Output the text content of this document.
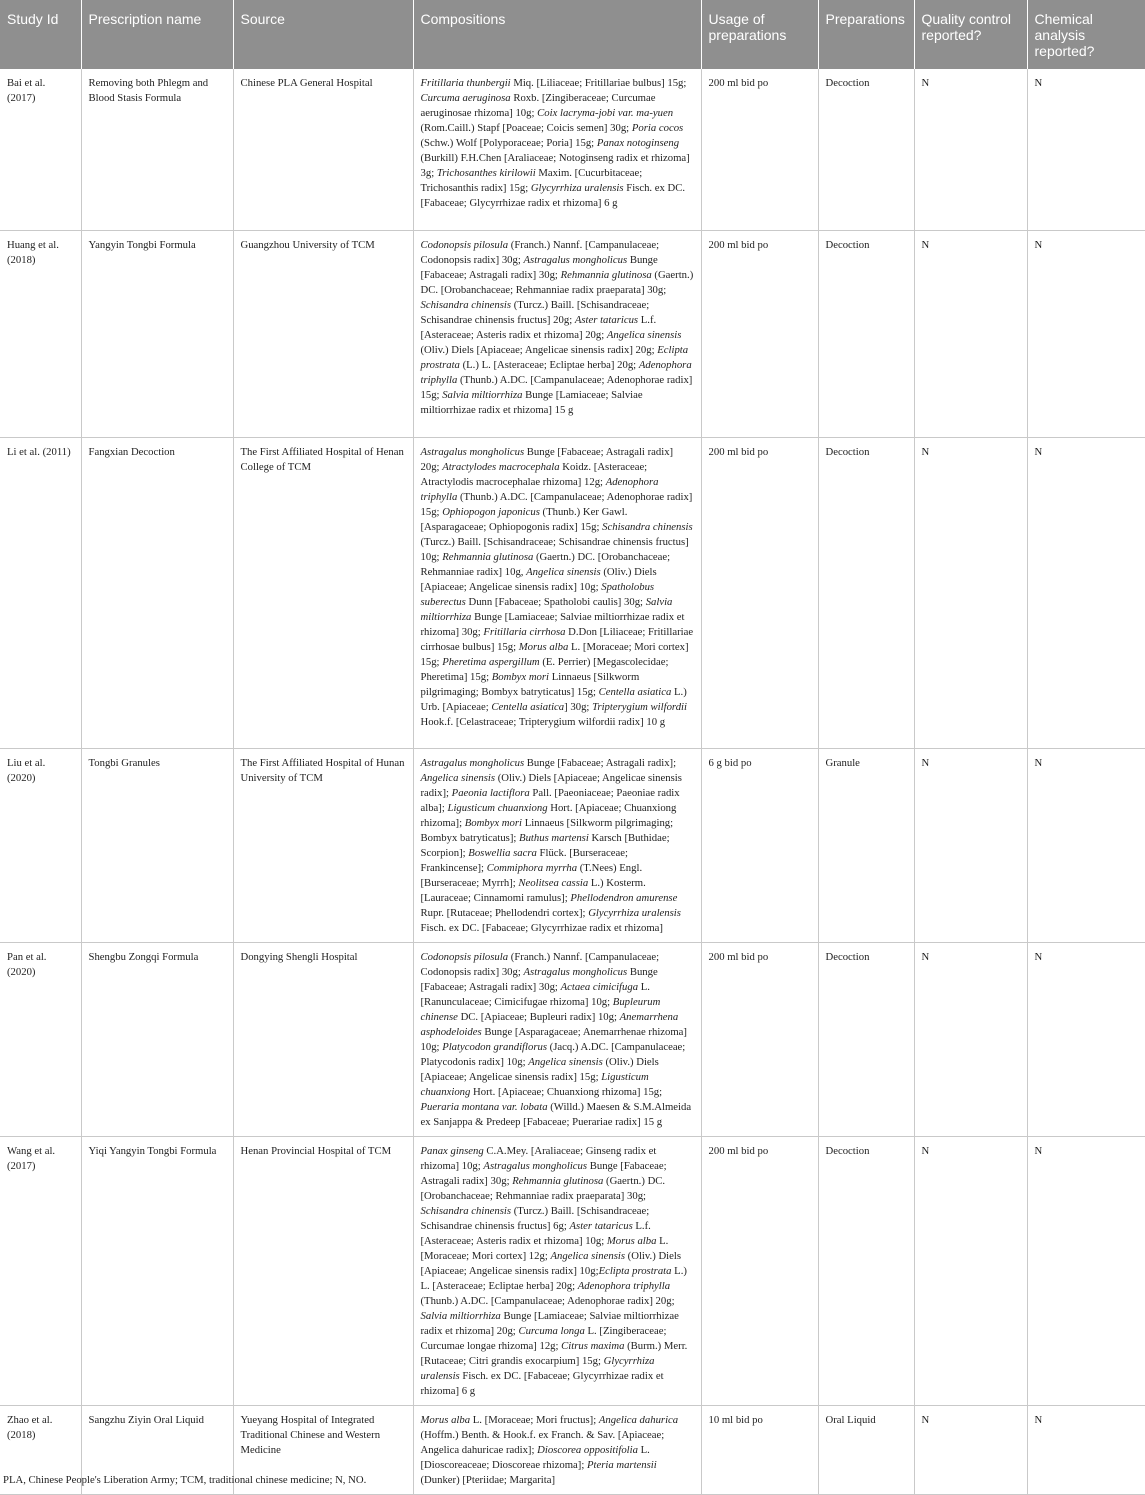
Study Id	Prescription name	Source	Compositions	Usage of preparations	Preparations	Quality control reported?	Chemical analysis reported?
Bai et al. (2017)	Removing both Phlegm and Blood Stasis Formula	Chinese PLA General Hospital	Fritillaria thunbergii Miq. [Liliaceae; Fritillariae bulbus] 15g; Curcuma aeruginosa Roxb. [Zingiberaceae; Curcumae aeruginosae rhizoma] 10g; Coix lacryma-jobi var. ma-yuen (Rom.Caill.) Stapf [Poaceae; Coicis semen] 30g; Poria cocos (Schw.) Wolf [Polyporaceae; Poria] 15g; Panax notoginseng (Burkill) F.H.Chen [Araliaceae; Notoginseng radix et rhizoma] 3g; Trichosanthes kirilowii Maxim. [Cucurbitaceae; Trichosanthis radix] 15g; Glycyrrhiza uralensis Fisch. ex DC. [Fabaceae; Glycyrrhizae radix et rhizoma] 6 g	200 ml bid po	Decoction	N	N
Huang et al. (2018)	Yangyin Tongbi Formula	Guangzhou University of TCM	Codonopsis pilosula (Franch.) Nannf. [Campanulaceae; Codonopsis radix] 30g; Astragalus mongholicus Bunge [Fabaceae; Astragali radix] 30g; Rehmannia glutinosa (Gaertn.) DC. [Orobanchaceae; Rehmanniae radix praeparata] 30g; Schisandra chinensis (Turcz.) Baill. [Schisandraceae; Schisandrae chinensis fructus] 20g; Aster tataricus L.f. [Asteraceae; Asteris radix et rhizoma] 20g; Angelica sinensis (Oliv.) Diels [Apiaceae; Angelicae sinensis radix] 20g; Eclipta prostrata (L.) L. [Asteraceae; Ecliptae herba] 20g; Adenophora triphylla (Thunb.) A.DC. [Campanulaceae; Adenophorae radix] 15g; Salvia miltiorrhiza Bunge [Lamiaceae; Salviae miltiorrhizae radix et rhizoma] 15 g	200 ml bid po	Decoction	N	N
Li et al. (2011)	Fangxian Decoction	The First Affiliated Hospital of Henan College of TCM	Astragalus mongholicus Bunge [Fabaceae; Astragali radix] 20g; Atractylodes macrocephala Koidz. [Asteraceae; Atractylodis macrocephalae rhizoma] 12g; Adenophora triphylla (Thunb.) A.DC. [Campanulaceae; Adenophorae radix] 15g; Ophiopogon japonicus (Thunb.) Ker Gawl. [Asparagaceae; Ophiopogonis radix] 15g; Schisandra chinensis (Turcz.) Baill. [Schisandraceae; Schisandrae chinensis fructus] 10g; Rehmannia glutinosa (Gaertn.) DC. [Orobanchaceae; Rehmanniae radix] 10g, Angelica sinensis (Oliv.) Diels [Apiaceae; Angelicae sinensis radix] 10g; Spatholobus suberectus Dunn [Fabaceae; Spatholobi caulis] 30g; Salvia miltiorrhiza Bunge [Lamiaceae; Salviae miltiorrhizae radix et rhizoma] 30g; Fritillaria cirrhosa D.Don [Liliaceae; Fritillariae cirrhosae bulbus] 15g; Morus alba L. [Moraceae; Mori cortex] 15g; Pheretima aspergillum (E. Perrier) [Megascolecidae; Pheretima] 15g; Bombyx mori Linnaeus [Silkworm pilgrimaging; Bombyx batryticatus] 15g; Centella asiatica L.) Urb. [Apiaceae; Centella asiatica] 30g; Tripterygium wilfordii Hook.f. [Celastraceae; Tripterygium wilfordii radix] 10 g	200 ml bid po	Decoction	N	N
Liu et al. (2020)	Tongbi Granules	The First Affiliated Hospital of Hunan University of TCM	Astragalus mongholicus Bunge [Fabaceae; Astragali radix]; Angelica sinensis (Oliv.) Diels [Apiaceae; Angelicae sinensis radix]; Paeonia lactiflora Pall. [Paeoniaceae; Paeoniae radix alba]; Ligusticum chuanxiong Hort. [Apiaceae; Chuanxiong rhizoma]; Bombyx mori Linnaeus [Silkworm pilgrimaging; Bombyx batryticatus]; Buthus martensi Karsch [Buthidae; Scorpion]; Boswellia sacra Flück. [Burseraceae; Frankincense]; Commiphora myrrha (T.Nees) Engl. [Burseraceae; Myrrh]; Neolitsea cassia L.) Kosterm. [Lauraceae; Cinnamomi ramulus]; Phellodendron amurense Rupr. [Rutaceae; Phellodendri cortex]; Glycyrrhiza uralensis Fisch. ex DC. [Fabaceae; Glycyrrhizae radix et rhizoma]	6 g bid po	Granule	N	N
Pan et al. (2020)	Shengbu Zongqi Formula	Dongying Shengli Hospital	Codonopsis pilosula (Franch.) Nannf. [Campanulaceae; Codonopsis radix] 30g; Astragalus mongholicus Bunge [Fabaceae; Astragali radix] 30g; Actaea cimicifuga L. [Ranunculaceae; Cimicifugae rhizoma] 10g; Bupleurum chinense DC. [Apiaceae; Bupleuri radix] 10g; Anemarrhena asphodeloides Bunge [Asparagaceae; Anemarrhenae rhizoma] 10g; Platycodon grandiflorus (Jacq.) A.DC. [Campanulaceae; Platycodonis radix] 10g; Angelica sinensis (Oliv.) Diels [Apiaceae; Angelicae sinensis radix] 15g; Ligusticum chuanxiong Hort. [Apiaceae; Chuanxiong rhizoma] 15g; Pueraria montana var. lobata (Willd.) Maesen & S.M.Almeida ex Sanjappa & Predeep [Fabaceae; Puerariae radix] 15 g	200 ml bid po	Decoction	N	N
Wang et al. (2017)	Yiqi Yangyin Tongbi Formula	Henan Provincial Hospital of TCM	Panax ginseng C.A.Mey. [Araliaceae; Ginseng radix et rhizoma] 10g; Astragalus mongholicus Bunge [Fabaceae; Astragali radix] 30g; Rehmannia glutinosa (Gaertn.) DC. [Orobanchaceae; Rehmanniae radix praeparata] 30g; Schisandra chinensis (Turcz.) Baill. [Schisandraceae; Schisandrae chinensis fructus] 6g; Aster tataricus L.f. [Asteraceae; Asteris radix et rhizoma] 10g; Morus alba L. [Moraceae; Mori cortex] 12g; Angelica sinensis (Oliv.) Diels [Apiaceae; Angelicae sinensis radix] 10g;Eclipta prostrata L.) L. [Asteraceae; Ecliptae herba] 20g; Adenophora triphylla (Thunb.) A.DC. [Campanulaceae; Adenophorae radix] 20g; Salvia miltiorrhiza Bunge [Lamiaceae; Salviae miltiorrhizae radix et rhizoma] 20g; Curcuma longa L. [Zingiberaceae; Curcumae longae rhizoma] 12g; Citrus maxima (Burm.) Merr. [Rutaceae; Citri grandis exocarpium] 15g; Glycyrrhiza uralensis Fisch. ex DC. [Fabaceae; Glycyrrhizae radix et rhizoma] 6 g	200 ml bid po	Decoction	N	N
Zhao et al. (2018)	Sangzhu Ziyin Oral Liquid	Yueyang Hospital of Integrated Traditional Chinese and Western Medicine	Morus alba L. [Moraceae; Mori fructus]; Angelica dahurica (Hoffm.) Benth. & Hook.f. ex Franch. & Sav. [Apiaceae; Angelica dahuricae radix]; Dioscorea oppositifolia L. [Dioscoreaceae; Dioscoreae rhizoma]; Pteria martensii (Dunker) [Pteriidae; Margarita]	10 ml bid po	Oral Liquid	N	N
PLA, Chinese People's Liberation Army; TCM, traditional chinese medicine; N, NO.
